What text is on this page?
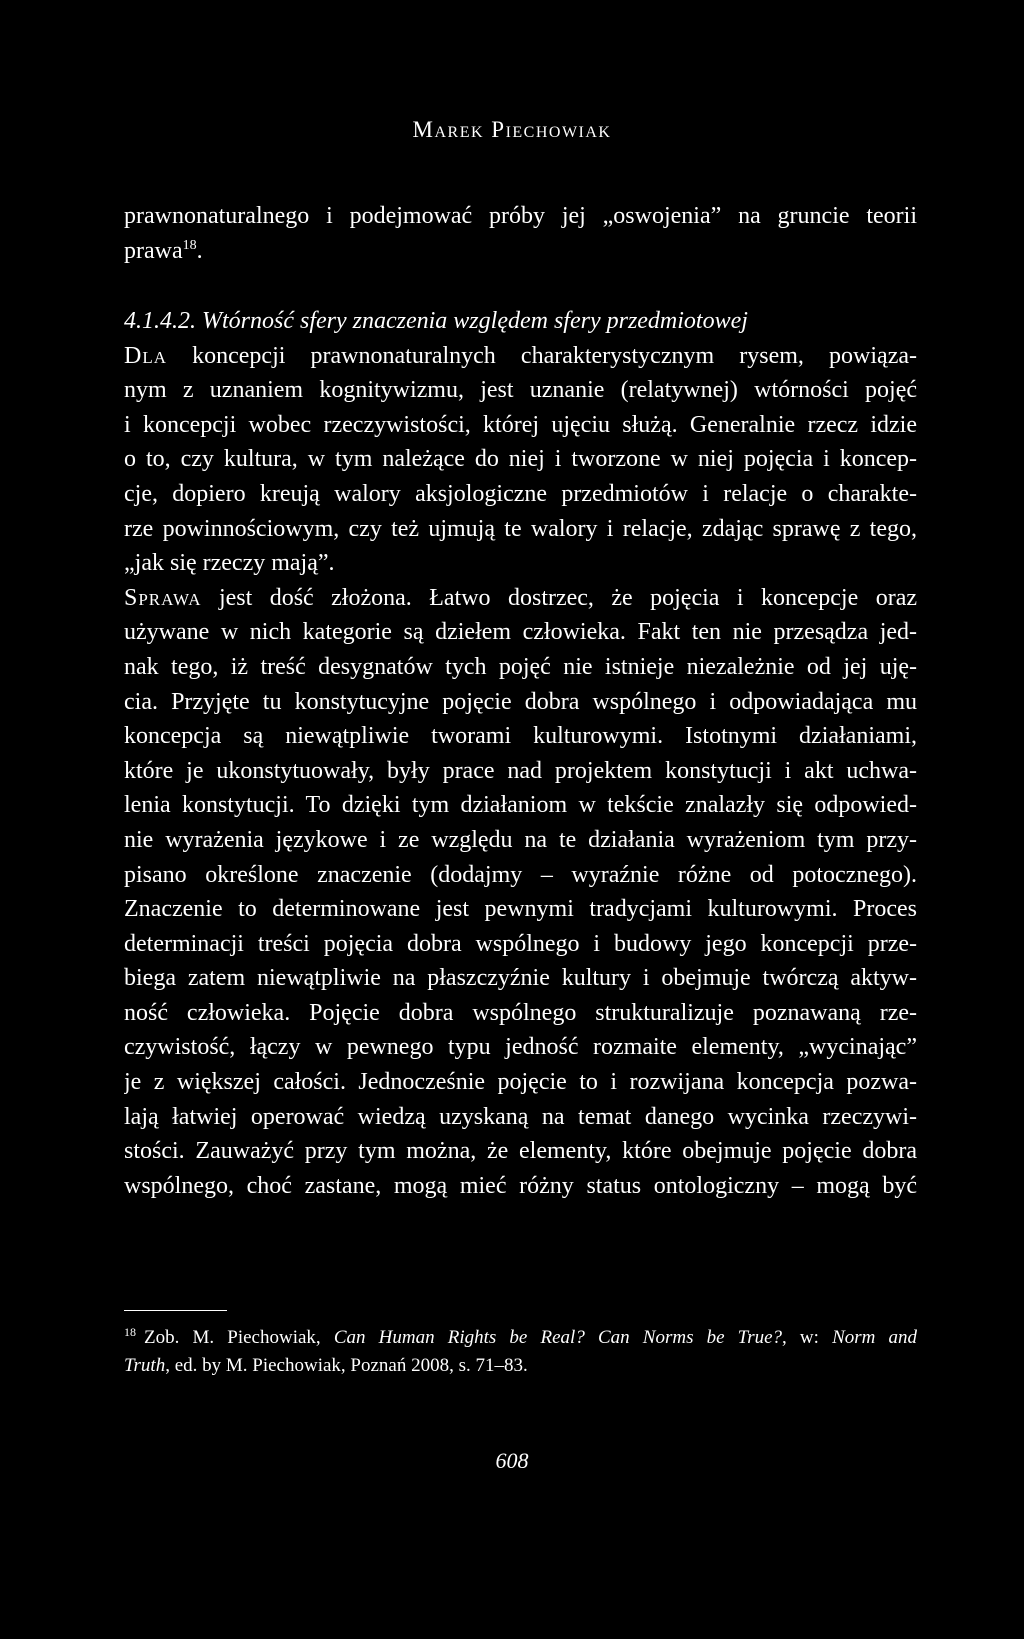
Marek Piechowiak
prawnonaturalnego i podejmować próby jej „oswojenia” na gruncie teorii
prawa$^{18}$.
4.1.4.2. Wtórność sfery znaczenia względem sfery przedmiotowej
Dla koncepcji prawnonaturalnych charakterystycznym rysem, powiąza-
nym z uznaniem kognitywizmu, jest uznanie (relatywnej) wtórności pojęć
i koncepcji wobec rzeczywistości, której ujęciu służą. Generalnie rzecz idzie
o to, czy kultura, w tym należące do niej i tworzone w niej pojęcia i koncep-
cje, dopiero kreują walory aksjologiczne przedmiotów i relacje o charakte-
rze powinnościowym, czy też ujmują te walory i relacje, zdając sprawę z tego,
„jak się rzeczy mają”.
Sprawa jest dość złożona. Łatwo dostrzec, że pojęcia i koncepcje oraz
używane w nich kategorie są dziełem człowieka. Fakt ten nie przesądza jed-
nak tego, iż treść desygnatów tych pojęć nie istnieje niezależnie od jej uję-
cia. Przyjęte tu konstytucyjne pojęcie dobra wspólnego i odpowiadająca mu
koncepcja są niewątpliwie tworami kulturowymi. Istotnymi działaniami,
które je ukonstytuowały, były prace nad projektem konstytucji i akt uchwa-
lenia konstytucji. To dzięki tym działaniom w tekście znalazły się odpowied-
nie wyrażenia językowe i ze względu na te działania wyrażeniom tym przy-
pisano określone znaczenie (dodajmy – wyraźnie różne od potocznego).
Znaczenie to determinowane jest pewnymi tradycjami kulturowymi. Proces
determinacji treści pojęcia dobra wspólnego i budowy jego koncepcji prze-
biega zatem niewątpliwie na płaszczyźnie kultury i obejmuje twórczą aktyw-
ność człowieka. Pojęcie dobra wspólnego strukturalizuje poznawaną rze-
czywistość, łączy w pewnego typu jedność rozmaite elementy, „wycinając”
je z większej całości. Jednocześnie pojęcie to i rozwijana koncepcja pozwa-
lają łatwiej operować wiedzą uzyskaną na temat danego wycinka rzeczywi-
stości. Zauważyć przy tym można, że elementy, które obejmuje pojęcie dobra
wspólnego, choć zastane, mogą mieć różny status ontologiczny – mogą być
$^{18}$ Zob. M. Piechowiak, Can Human Rights be Real? Can Norms be True?, w: Norm and
Truth, ed. by M. Piechowiak, Poznań 2008, s. 71–83.
608
